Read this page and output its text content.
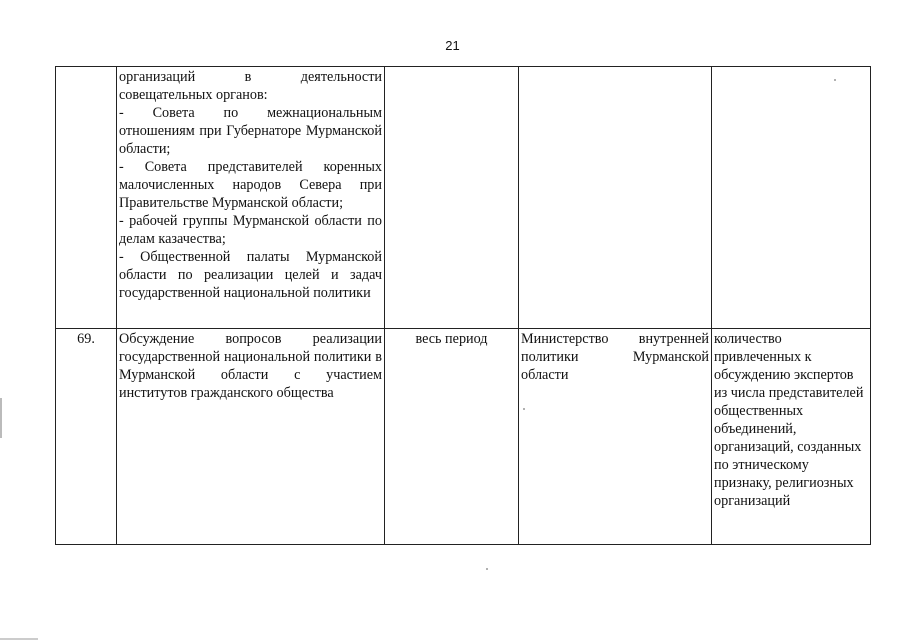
21

	организаций в деятельности совещательных органов:
- Совета по межнациональным отношениям при Губернаторе Мурманской области;
- Совета представителей коренных малочисленных народов Севера при Правительстве Мурманской области;
- рабочей группы Мурманской области по делам казачества;
- Общественной палаты Мурманской области по реализации целей и задач государственной национальной политики			

69.	Обсуждение вопросов реализации государственной национальной политики в Мурманской области с участием институтов гражданского общества	весь период	Министерство внутренней политики Мурманской области	количество привлеченных к обсуждению экспертов из числа представителей общественных объединений, организаций, созданных по этническому признаку, религиозных организаций
